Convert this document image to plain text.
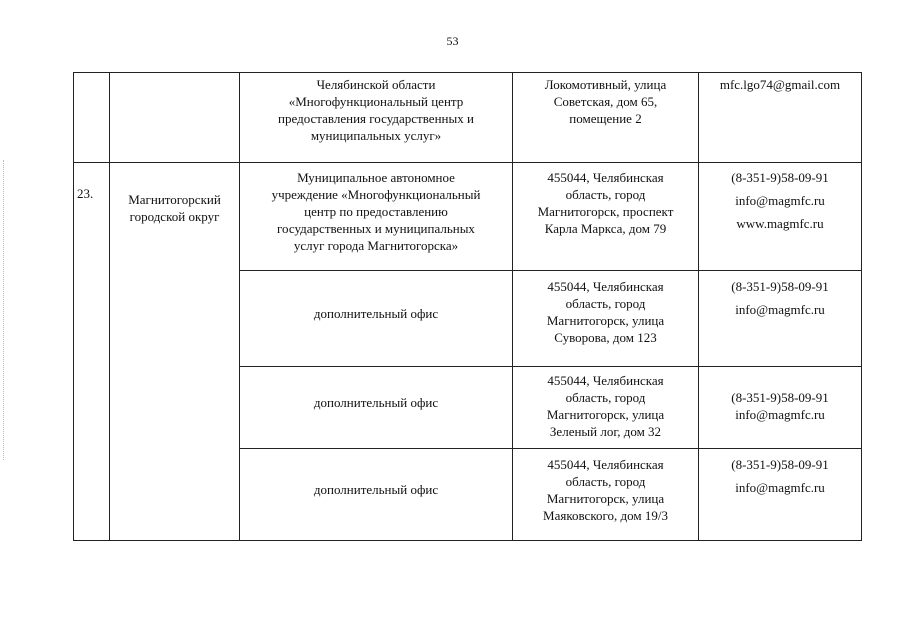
53

		Челябинской области
«Многофункциональный центр
предоставления государственных и
муниципальных услуг»	Локомотивный, улица
Советская, дом 65,
помещение 2	mfc.lgo74@gmail.com

23.	Магнитогорский
городской округ	Муниципальное автономное
учреждение «Многофункциональный
центр по предоставлению
государственных и муниципальных
услуг города Магнитогорска»	455044, Челябинская
область, город
Магнитогорск, проспект
Карла Маркса, дом 79	(8-351-9)58-09-91
info@magmfc.ru
www.magmfc.ru

		дополнительный офис	455044, Челябинская
область, город
Магнитогорск, улица
Суворова, дом 123	(8-351-9)58-09-91
info@magmfc.ru

		дополнительный офис	455044, Челябинская
область, город
Магнитогорск, улица
Зеленый лог, дом 32	(8-351-9)58-09-91
info@magmfc.ru

		дополнительный офис	455044, Челябинская
область, город
Магнитогорск, улица
Маяковского, дом 19/3	(8-351-9)58-09-91
info@magmfc.ru
